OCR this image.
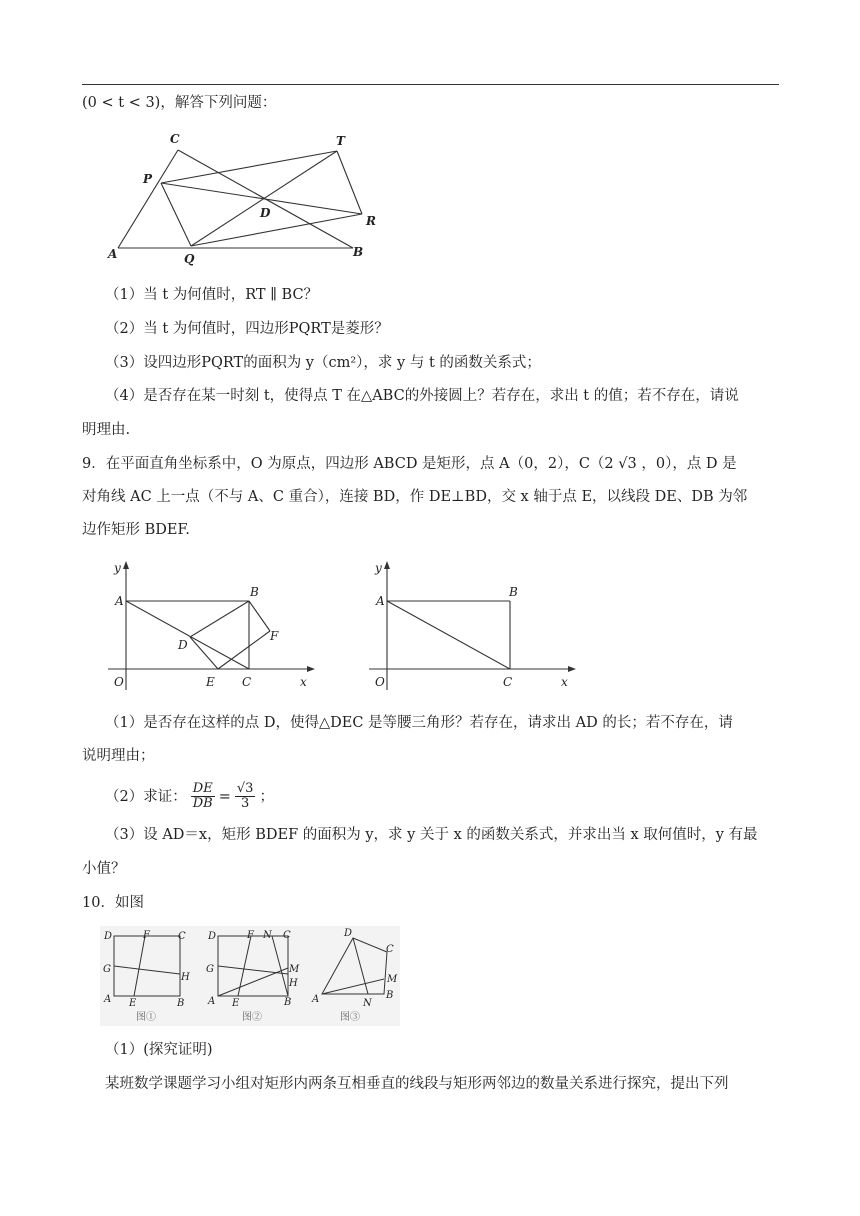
(0 < t < 3)，解答下列问题：
C	T
P
D
R
A	Q	B
（1）当 t 为何值时，RT ∥ BC？
（2）当 t 为何值时，四边形PQRT是菱形？
（3）设四边形PQRT的面积为 y（cm²），求 y 与 t 的函数关系式；
（4）是否存在某一时刻 t，使得点 T 在△ABC的外接圆上？若存在，求出 t 的值；若不存在，请说
明理由.
9．在平面直角坐标系中，O 为原点，四边形 ABCD 是矩形，点 A（0，2），C（2 √3 ，0），点 D 是
对角线 AC 上一点（不与 A、C 重合），连接 BD，作 DE⊥BD，交 x 轴于点 E，以线段 DE、DB 为邻
边作矩形 BDEF.
y
A
B
F
D
O	E C	x
y
A
B
O	C	x
（1）是否存在这样的点 D，使得△DEC 是等腰三角形？若存在，请求出 AD 的长；若不存在，请
说明理由；
（2）求证： $\frac{DE}{DB} = \frac{√3}{3}$ ；
（3）设 AD＝x，矩形 BDEF 的面积为 y，求 y 关于 x 的函数关系式，并求出当 x 取何值时，y 有最
小值？
10．如图
D	F	C
G
H
A E	B
D	F N C
G	M
H
A E	B
D
C
M
A	N
B
图①	图②	图③
（1）(探究证明)
某班数学课题学习小组对矩形内两条互相垂直的线段与矩形两邻边的数量关系进行探究，提出下列
